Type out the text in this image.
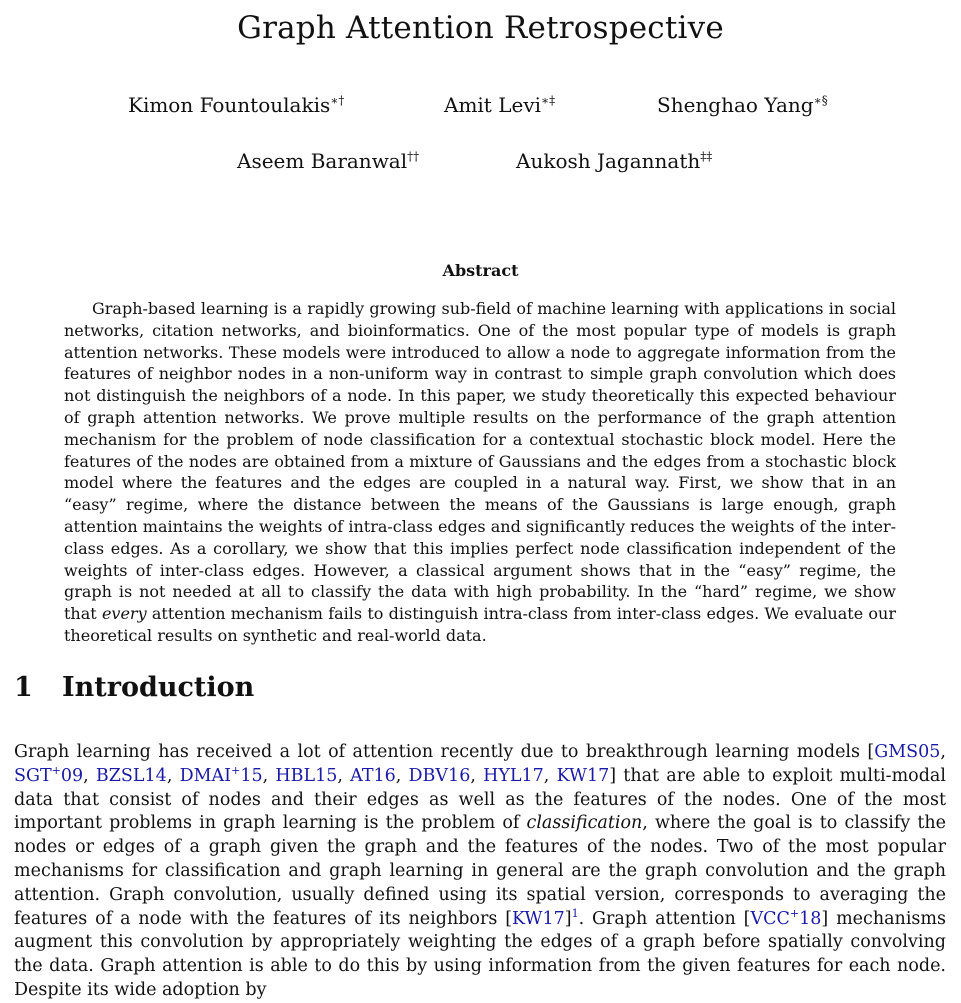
Graph Attention Retrospective
Kimon Fountoulakis∗†	Amit Levi∗‡	Shenghao Yang∗§
Aseem Baranwal††	Aukosh Jagannath‡‡
Abstract
Graph-based learning is a rapidly growing sub-field of machine learning with applications in social networks, citation networks, and bioinformatics. One of the most popular type of models is graph attention networks. These models were introduced to allow a node to aggregate information from the features of neighbor nodes in a non-uniform way in contrast to simple graph convolution which does not distinguish the neighbors of a node. In this paper, we study theoretically this expected behaviour of graph attention networks. We prove multiple results on the performance of the graph attention mechanism for the problem of node classification for a contextual stochastic block model. Here the features of the nodes are obtained from a mixture of Gaussians and the edges from a stochastic block model where the features and the edges are coupled in a natural way. First, we show that in an “easy” regime, where the distance between the means of the Gaussians is large enough, graph attention maintains the weights of intra-class edges and significantly reduces the weights of the inter-class edges. As a corollary, we show that this implies perfect node classification independent of the weights of inter-class edges. However, a classical argument shows that in the “easy” regime, the graph is not needed at all to classify the data with high probability. In the “hard” regime, we show that every attention mechanism fails to distinguish intra-class from inter-class edges. We evaluate our theoretical results on synthetic and real-world data.
1 Introduction
Graph learning has received a lot of attention recently due to breakthrough learning models [GMS05, SGT+09, BZSL14, DMAI+15, HBL15, AT16, DBV16, HYL17, KW17] that are able to exploit multi-modal data that consist of nodes and their edges as well as the features of the nodes. One of the most important problems in graph learning is the problem of classification, where the goal is to classify the nodes or edges of a graph given the graph and the features of the nodes. Two of the most popular mechanisms for classification and graph learning in general are the graph convolution and the graph attention. Graph convolution, usually defined using its spatial version, corresponds to averaging the features of a node with the features of its neighbors [KW17]$^1$. Graph attention [VCC+18] mechanisms augment this convolution by appropriately weighting the edges of a graph before spatially convolving the data. Graph attention is able to do this by using information from the given features for each node. Despite its wide adoption by
